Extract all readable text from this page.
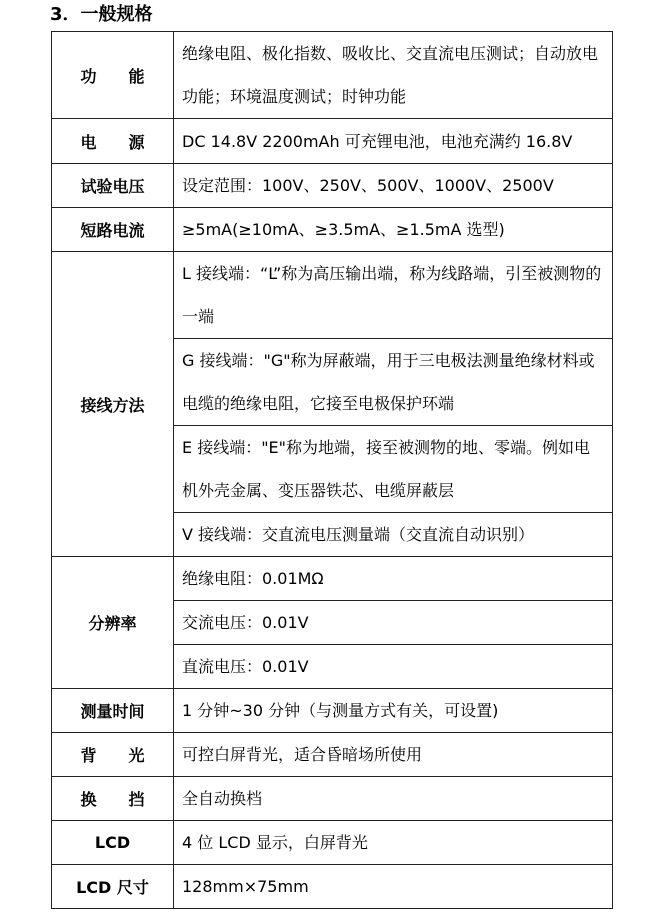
3．一般规格
功　　能	绝缘电阻、极化指数、吸收比、交直流电压测试；自动放电功能；环境温度测试；时钟功能
电　　源	DC 14.8V 2200mAh 可充锂电池，电池充满约 16.8V
试验电压	设定范围：100V、250V、500V、1000V、2500V
短路电流	≥5mA(≥10mA、≥3.5mA、≥1.5mA 选型)
接线方法	L 接线端：“L”称为高压输出端，称为线路端，引至被测物的一端
	G 接线端："G"称为屏蔽端，用于三电极法测量绝缘材料或电缆的绝缘电阻，它接至电极保护环端
	E 接线端："E"称为地端，接至被测物的地、零端。例如电机外壳金属、变压器铁芯、电缆屏蔽层
	V 接线端：交直流电压测量端（交直流自动识别）
分辨率	绝缘电阻：0.01MΩ
	交流电压：0.01V
	直流电压：0.01V
测量时间	1 分钟~30 分钟（与测量方式有关，可设置)
背　　光	可控白屏背光，适合昏暗场所使用
换　　挡	全自动换档
LCD	4 位 LCD 显示，白屏背光
LCD 尺寸	128mm×75mm
